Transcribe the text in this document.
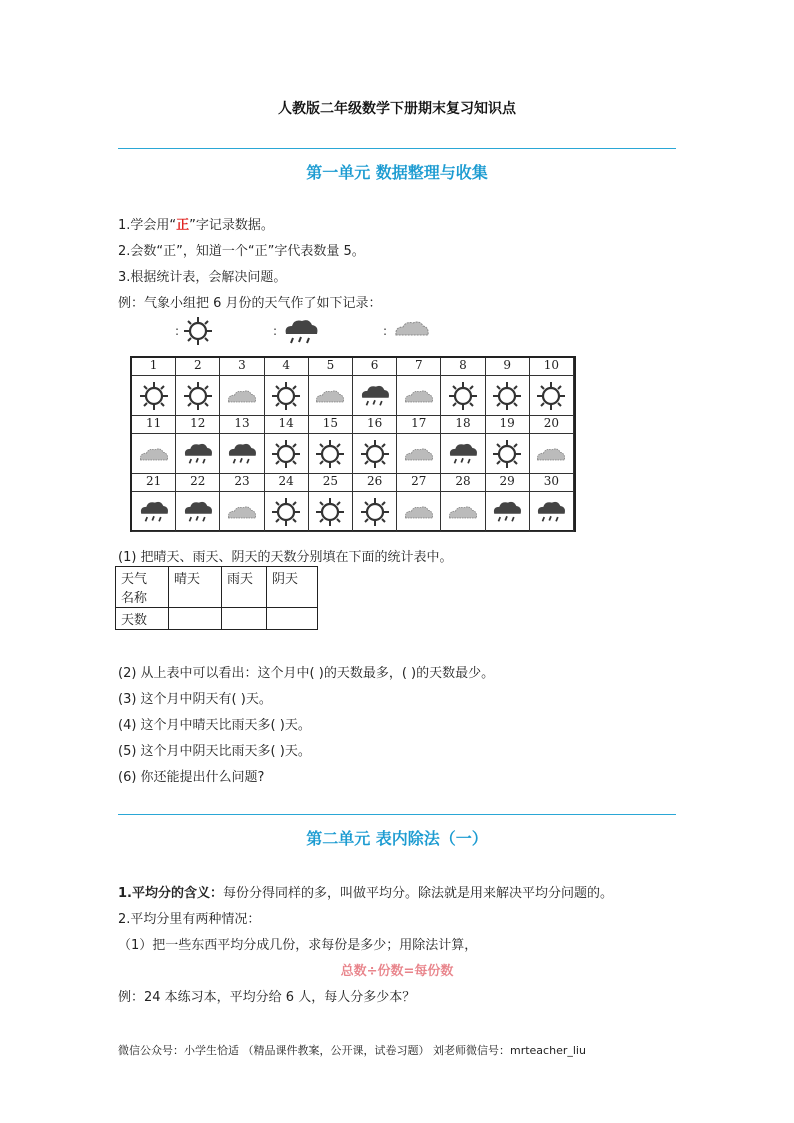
人教版二年级数学下册期末复习知识点
第一单元 数据整理与收集
1.学会用“正”字记录数据。
2.会数“正”，知道一个“正”字代表数量 5。
3.根据统计表，会解决问题。
例：气象小组把 6 月份的天气作了如下记录：
:	:	:
1	2	3	4	5	6	7	8	9	10
11	12	13	14	15	16	17	18	19	20
21	22	23	24	25	26	27	28	29	30
(1) 把晴天、雨天、阴天的天数分别填在下面的统计表中。
天气
名称	晴天	雨天	阴天
天数			
(2) 从上表中可以看出：这个月中( )的天数最多，( )的天数最少。
(3) 这个月中阴天有( )天。
(4) 这个月中晴天比雨天多( )天。
(5) 这个月中阴天比雨天多( )天。
(6) 你还能提出什么问题?
第二单元 表内除法（一）
1.平均分的含义：每份分得同样的多，叫做平均分。除法就是用来解决平均分问题的。
2.平均分里有两种情况：
（1）把一些东西平均分成几份，求每份是多少；用除法计算，
总数÷份数=每份数
例：24 本练习本，平均分给 6 人，每人分多少本？
微信公众号：小学生恰适 （精品课件教案，公开课，试卷习题） 刘老师微信号：mrteacher_liu
